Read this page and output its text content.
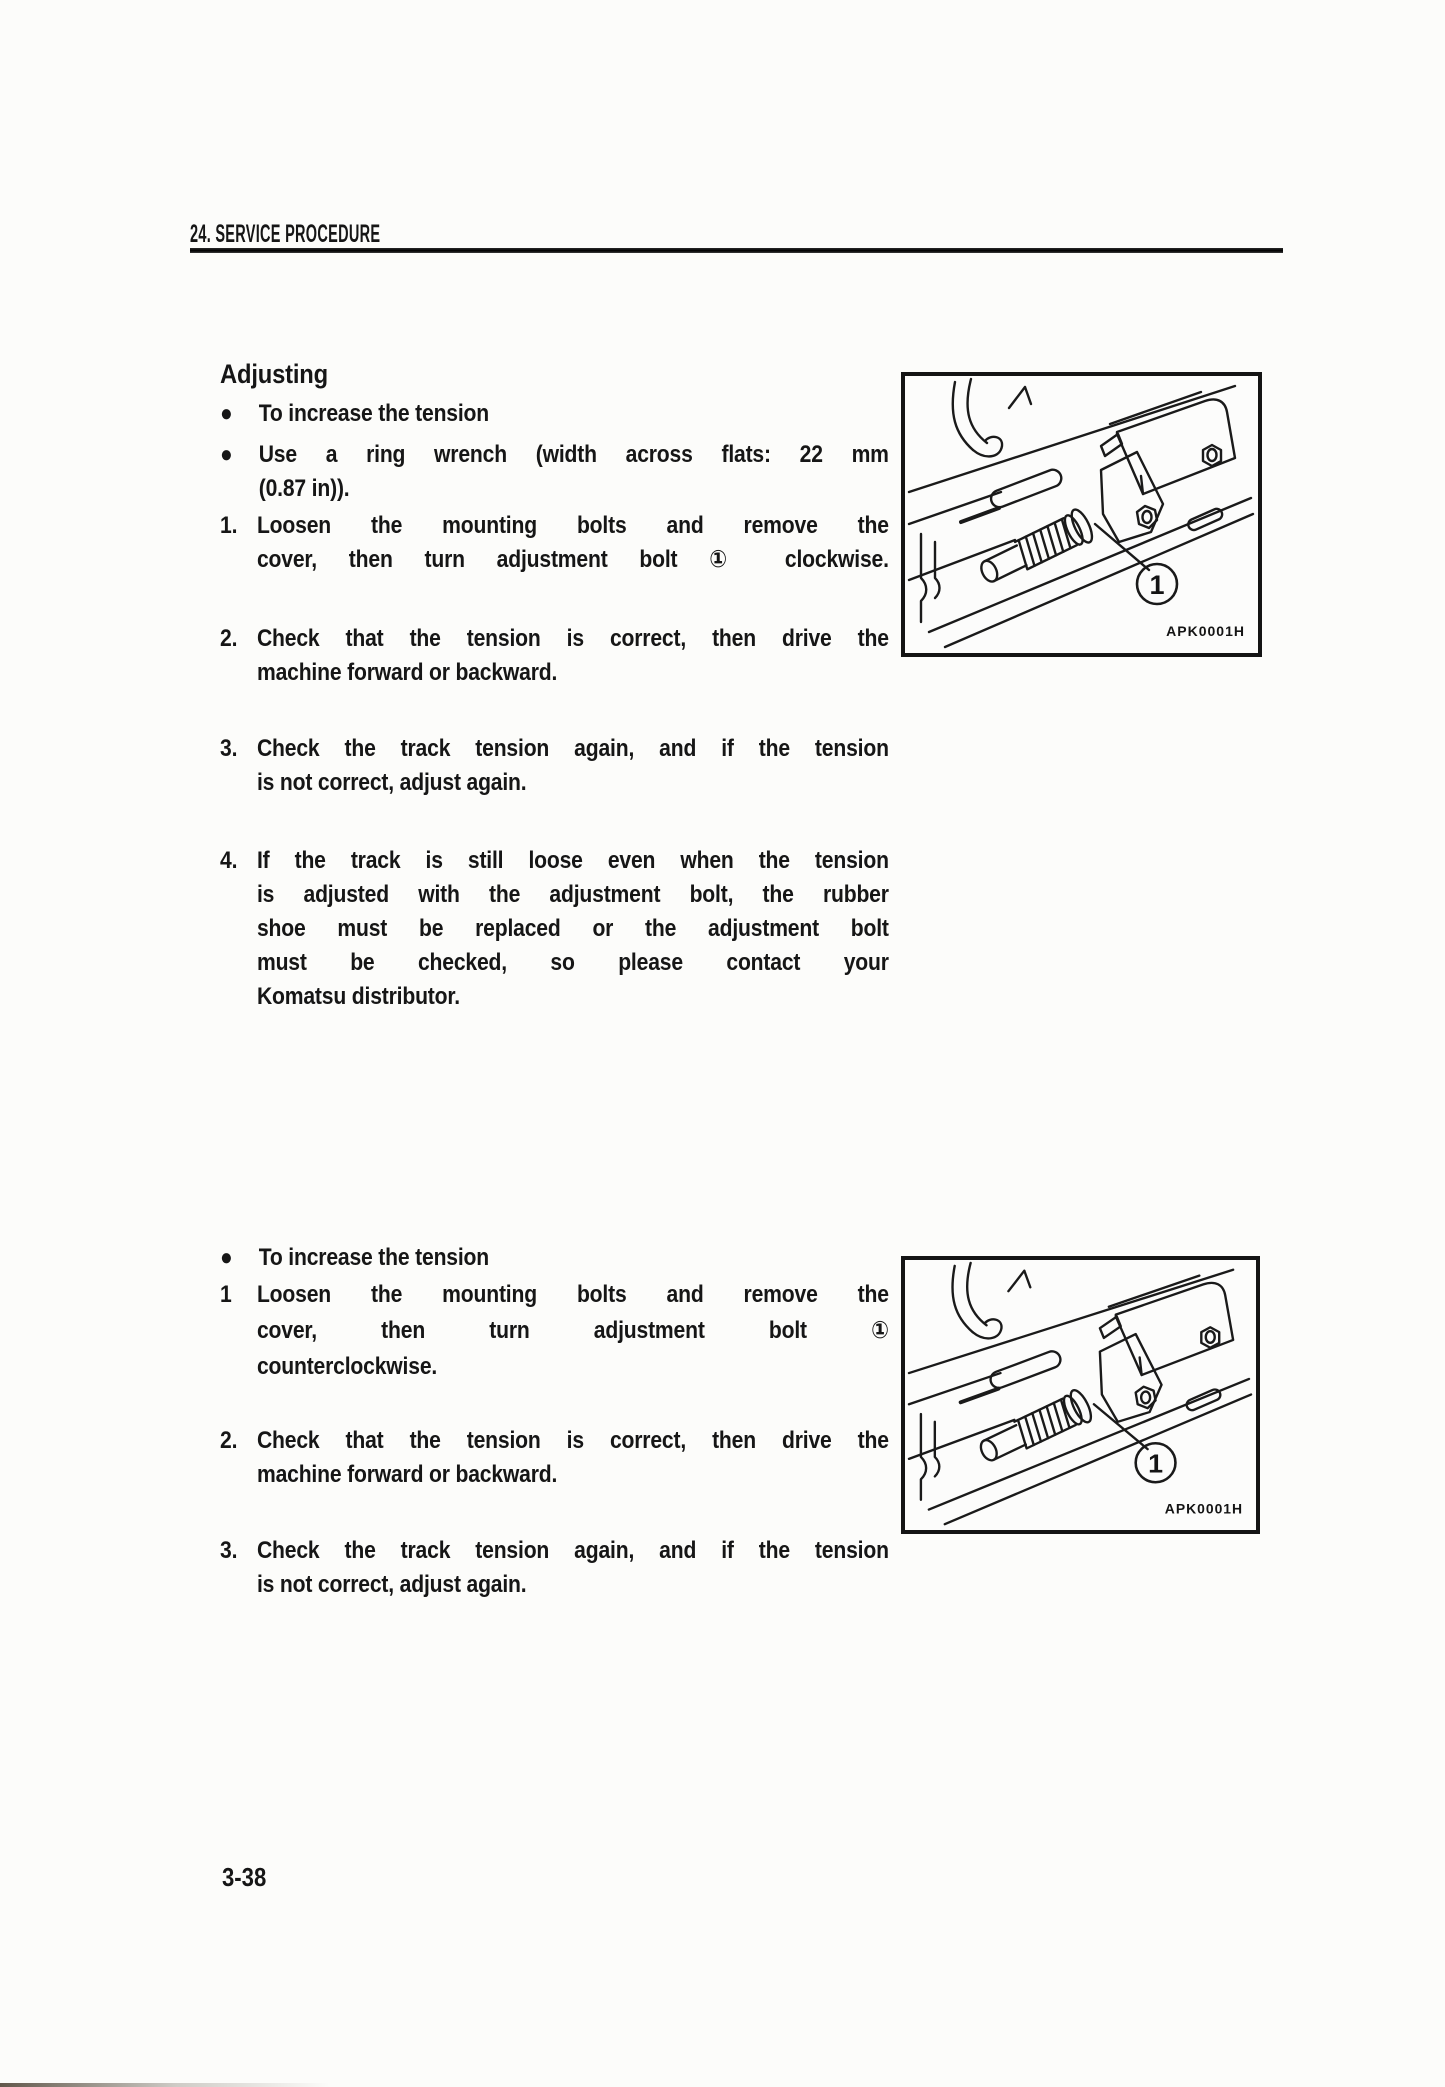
24. SERVICE PROCEDURE
Adjusting
●	To increase the tension
●	Use a ring wrench (width across flats: 22 mm
(0.87 in)).
1. Loosen the mounting bolts and remove the
cover, then turn adjustment bolt ① clockwise.
2. Check that the tension is correct, then drive the
machine forward or backward.
3. Check the track tension again, and if the tension
is not correct, adjust again.
4. If the track is still loose even when the tension
is adjusted with the adjustment bolt, the rubber
shoe must be replaced or the adjustment bolt
must be checked, so please contact your
Komatsu distributor.
●	To increase the tension
1	Loosen the mounting bolts and remove the
cover, then turn adjustment bolt ①
counterclockwise.
2. Check that the tension is correct, then drive the
machine forward or backward.
3. Check the track tension again, and if the tension
is not correct, adjust again.
1
APK0001H
1
APK0001H
3-38
